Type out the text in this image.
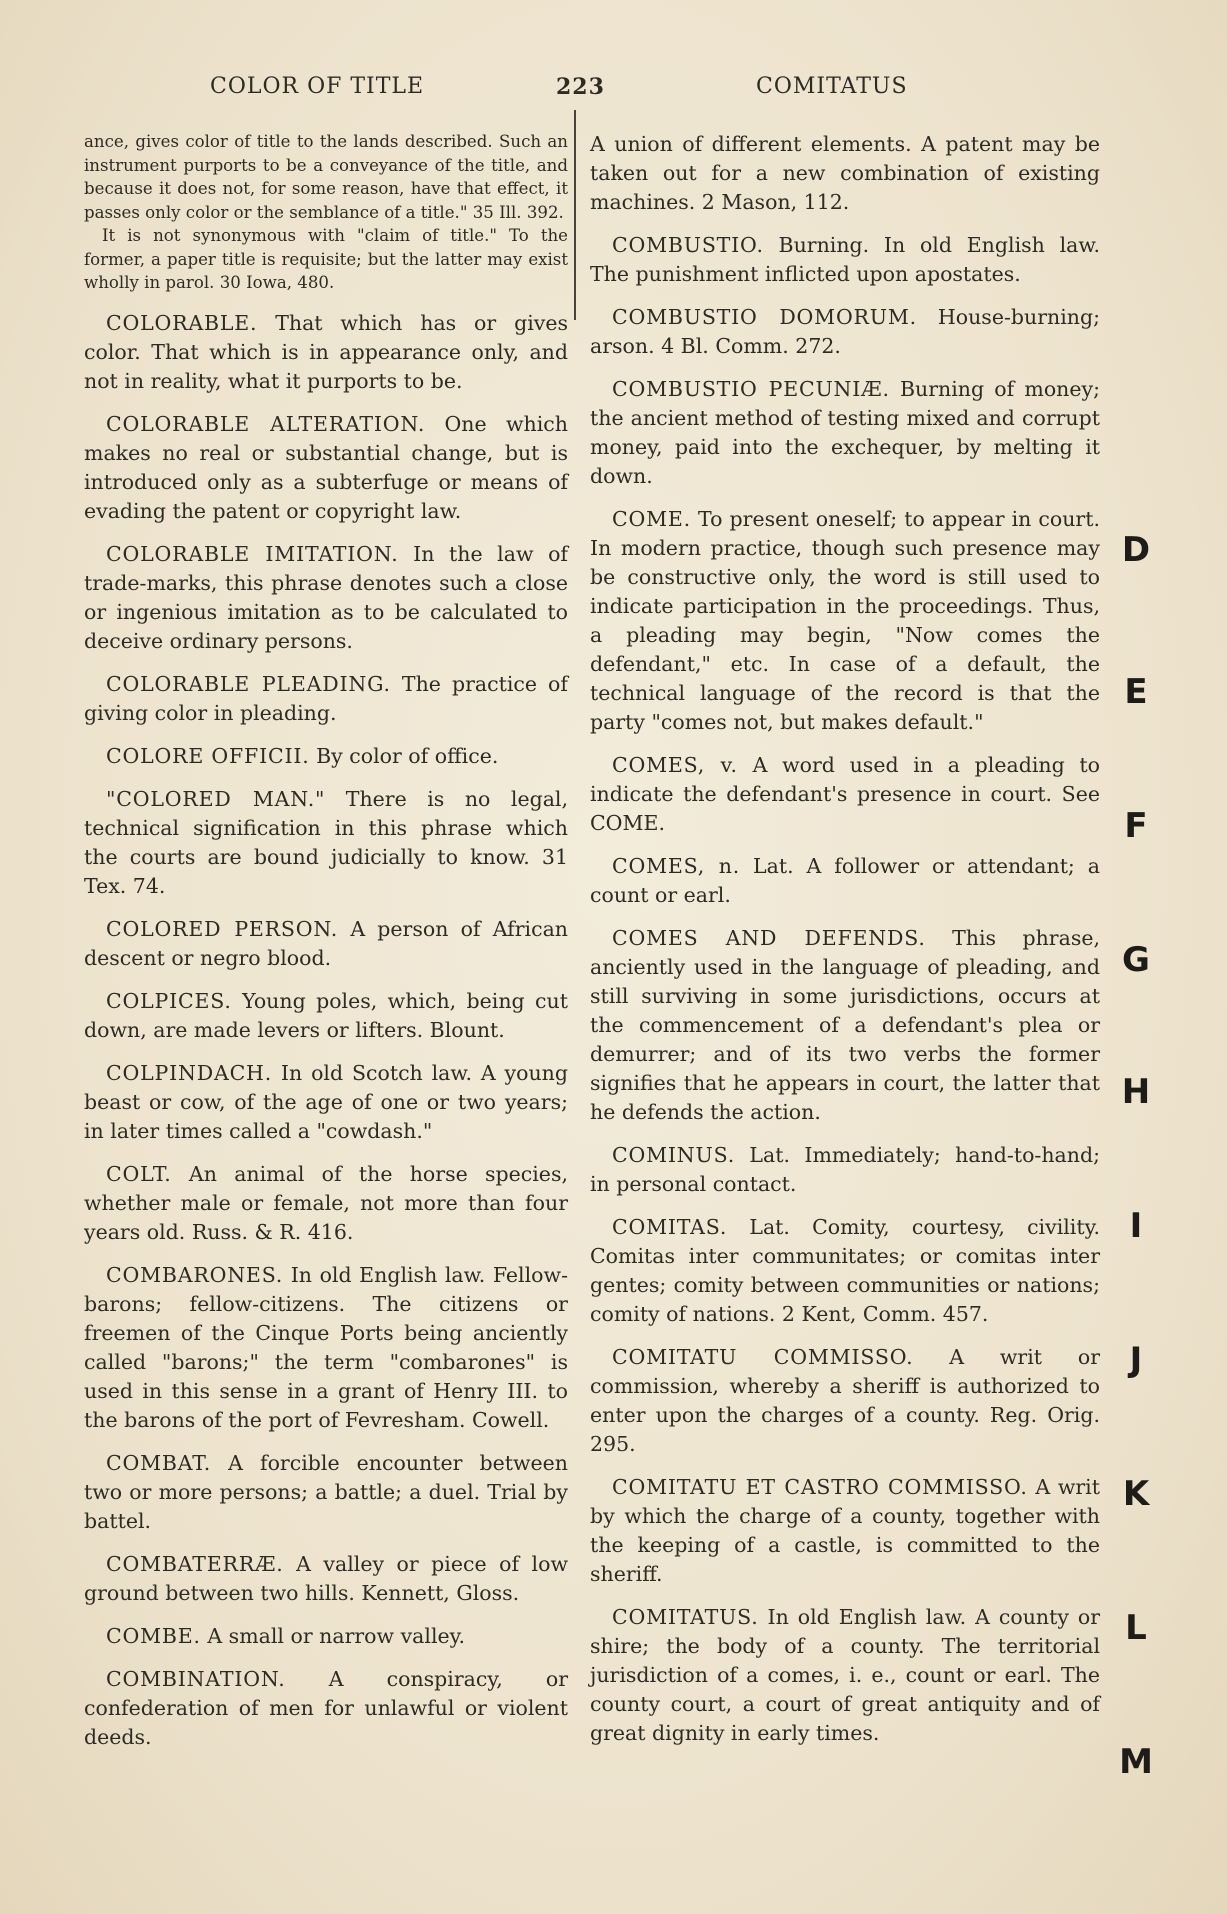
COLOR OF TITLE	223	COMITATUS

ance, gives color of title to the lands described. Such an instrument purports to be a conveyance of the title, and because it does not, for some reason, have that effect, it passes only color or the semblance of a title." 35 Ill. 392.

It is not synonymous with "claim of title." To the former, a paper title is requisite; but the latter may exist wholly in parol. 30 Iowa, 480.

COLORABLE. That which has or gives color. That which is in appearance only, and not in reality, what it purports to be.

COLORABLE ALTERATION. One which makes no real or substantial change, but is introduced only as a subterfuge or means of evading the patent or copyright law.

COLORABLE IMITATION. In the law of trade-marks, this phrase denotes such a close or ingenious imitation as to be calculated to deceive ordinary persons.

COLORABLE PLEADING. The practice of giving color in pleading.

COLORE OFFICII. By color of office.

"COLORED MAN." There is no legal, technical signification in this phrase which the courts are bound judicially to know. 31 Tex. 74.

COLORED PERSON. A person of African descent or negro blood.

COLPICES. Young poles, which, being cut down, are made levers or lifters. Blount.

COLPINDACH. In old Scotch law. A young beast or cow, of the age of one or two years; in later times called a "cowdash."

COLT. An animal of the horse species, whether male or female, not more than four years old. Russ. & R. 416.

COMBARONES. In old English law. Fellow-barons; fellow-citizens. The citizens or freemen of the Cinque Ports being anciently called "barons;" the term "combarones" is used in this sense in a grant of Henry III. to the barons of the port of Fevresham. Cowell.

COMBAT. A forcible encounter between two or more persons; a battle; a duel. Trial by battel.

COMBATERRÆ. A valley or piece of low ground between two hills. Kennett, Gloss.

COMBE. A small or narrow valley.

COMBINATION. A conspiracy, or confederation of men for unlawful or violent deeds.

A union of different elements. A patent may be taken out for a new combination of existing machines. 2 Mason, 112.

COMBUSTIO. Burning. In old English law. The punishment inflicted upon apostates.

COMBUSTIO DOMORUM. House-burning; arson. 4 Bl. Comm. 272.

COMBUSTIO PECUNIÆ. Burning of money; the ancient method of testing mixed and corrupt money, paid into the exchequer, by melting it down.

COME. To present oneself; to appear in court. In modern practice, though such presence may be constructive only, the word is still used to indicate participation in the proceedings. Thus, a pleading may begin, "Now comes the defendant," etc. In case of a default, the technical language of the record is that the party "comes not, but makes default."

COMES, v. A word used in a pleading to indicate the defendant's presence in court. See COME.

COMES, n. Lat. A follower or attendant; a count or earl.

COMES AND DEFENDS. This phrase, anciently used in the language of pleading, and still surviving in some jurisdictions, occurs at the commencement of a defendant's plea or demurrer; and of its two verbs the former signifies that he appears in court, the latter that he defends the action.

COMINUS. Lat. Immediately; hand-to-hand; in personal contact.

COMITAS. Lat. Comity, courtesy, civility. Comitas inter communitates; or comitas inter gentes; comity between communities or nations; comity of nations. 2 Kent, Comm. 457.

COMITATU COMMISSO. A writ or commission, whereby a sheriff is authorized to enter upon the charges of a county. Reg. Orig. 295.

COMITATU ET CASTRO COMMISSO. A writ by which the charge of a county, together with the keeping of a castle, is committed to the sheriff.

COMITATUS. In old English law. A county or shire; the body of a county. The territorial jurisdiction of a comes, i. e., count or earl. The county court, a court of great antiquity and of great dignity in early times.

D
E
F
G
H
I
J
K
L
M
